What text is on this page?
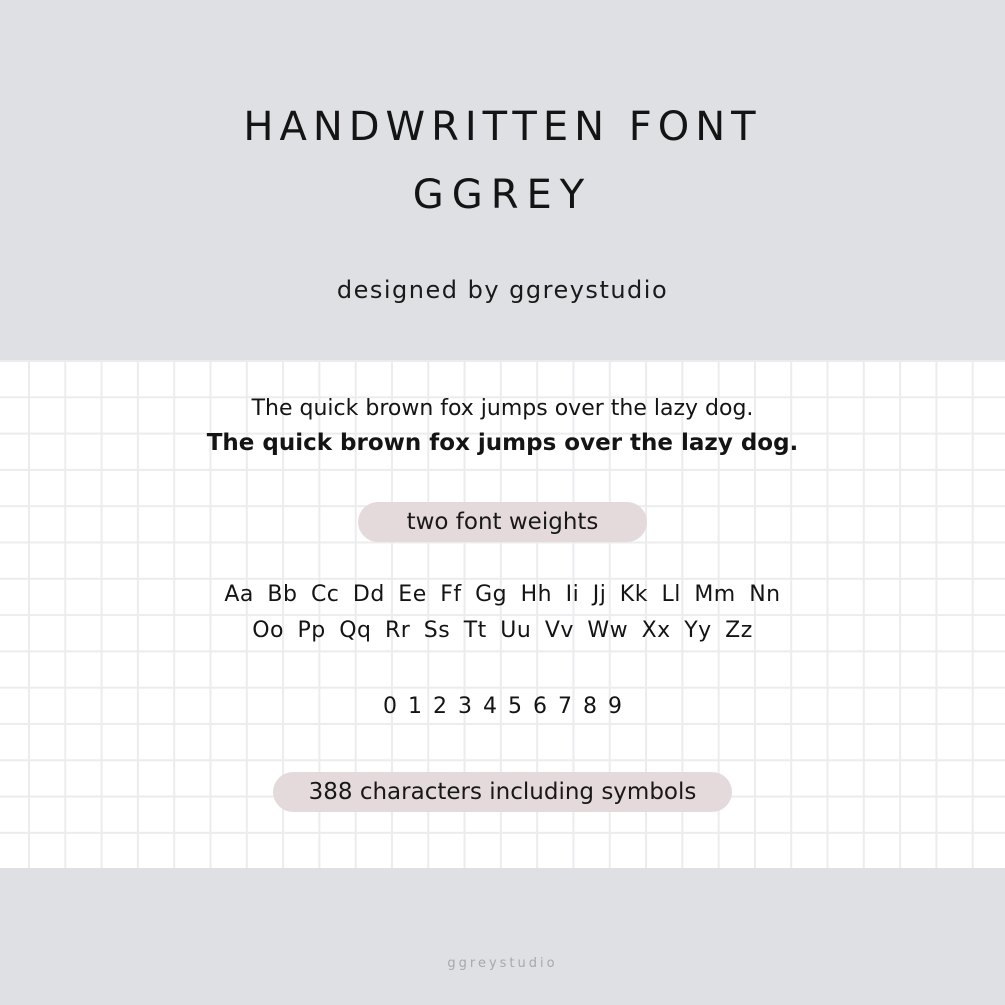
HANDWRITTEN FONT
GGREY
designed by ggreystudio
The quick brown fox jumps over the lazy dog.
The quick brown fox jumps over the lazy dog.
two font weights
Aa Bb Cc Dd Ee Ff Gg Hh Ii Jj Kk Ll Mm Nn
Oo Pp Qq Rr Ss Tt Uu Vv Ww Xx Yy Zz
0 1 2 3 4 5 6 7 8 9
388 characters including symbols
ggreystudio
